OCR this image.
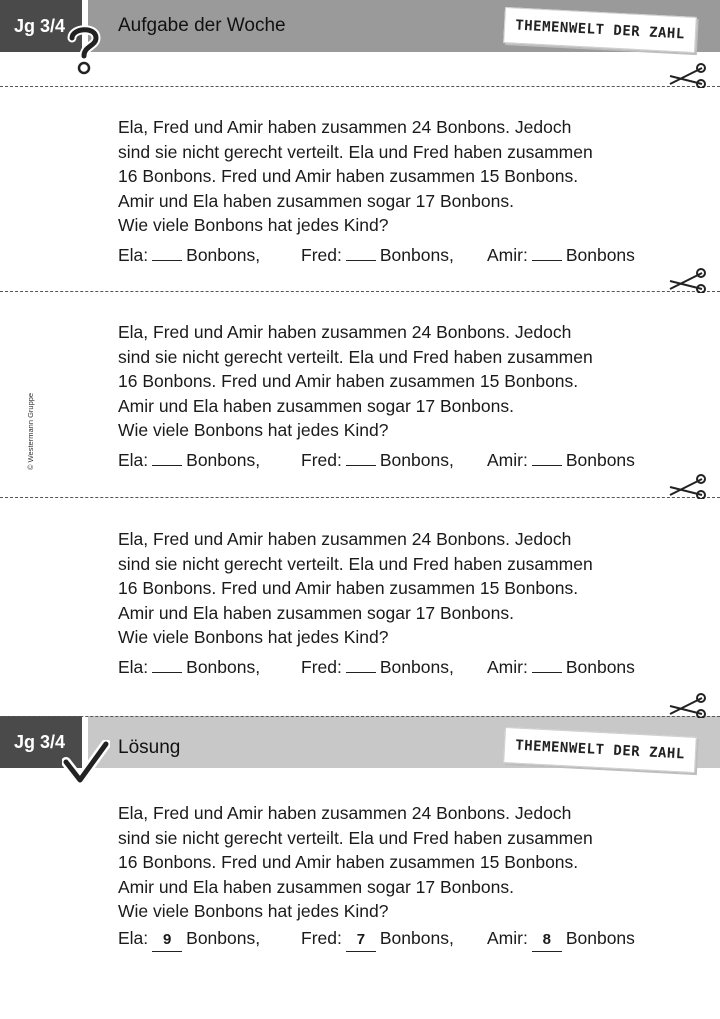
Jg 3/4	Aufgabe der Woche	THEMENWELT DER ZAHL

Ela, Fred und Amir haben zusammen 24 Bonbons. Jedoch

sind sie nicht gerecht verteilt. Ela und Fred haben zusammen

16 Bonbons. Fred und Amir haben zusammen 15 Bonbons.

Amir und Ela haben zusammen sogar 17 Bonbons.

Wie viele Bonbons hat jedes Kind?

Ela: Bonbons, Fred: Bonbons, Amir: Bonbons

Ela, Fred und Amir haben zusammen 24 Bonbons. Jedoch

sind sie nicht gerecht verteilt. Ela und Fred haben zusammen

16 Bonbons. Fred und Amir haben zusammen 15 Bonbons.

Amir und Ela haben zusammen sogar 17 Bonbons.

Wie viele Bonbons hat jedes Kind?

Ela: Bonbons, Fred: Bonbons, Amir: Bonbons

Ela, Fred und Amir haben zusammen 24 Bonbons. Jedoch

sind sie nicht gerecht verteilt. Ela und Fred haben zusammen

16 Bonbons. Fred und Amir haben zusammen 15 Bonbons.

Amir und Ela haben zusammen sogar 17 Bonbons.

Wie viele Bonbons hat jedes Kind?

Ela: Bonbons, Fred: Bonbons, Amir: Bonbons
Jg 3/4	Lösung	THEMENWELT DER ZAHL

Ela, Fred und Amir haben zusammen 24 Bonbons. Jedoch

sind sie nicht gerecht verteilt. Ela und Fred haben zusammen

16 Bonbons. Fred und Amir haben zusammen 15 Bonbons.

Amir und Ela haben zusammen sogar 17 Bonbons.

Wie viele Bonbons hat jedes Kind?

Ela: 9 Bonbons, Fred: 7 Bonbons, Amir: 8 Bonbons
© Westermann Gruppe
